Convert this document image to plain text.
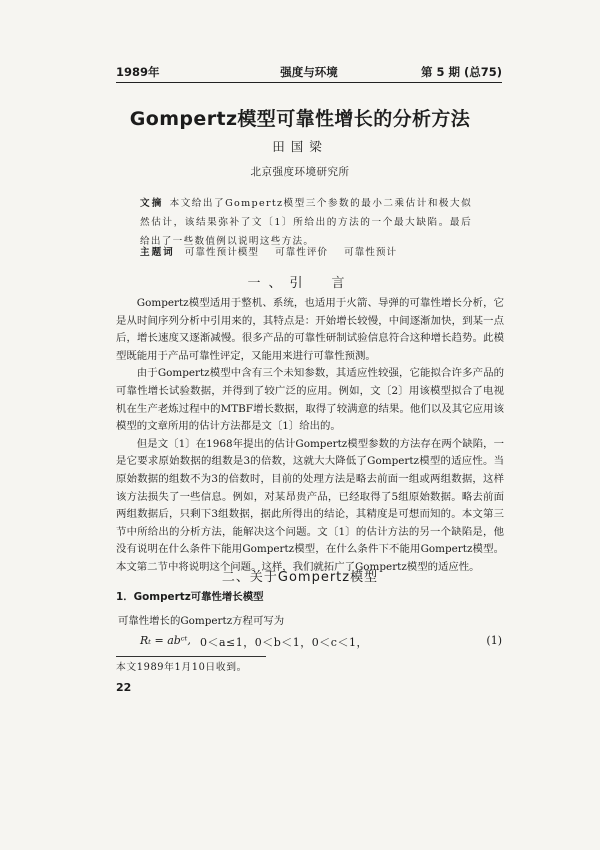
1989年	强度与环境	第 5 期 (总75)
Gompertz模型可靠性增长的分析方法
田国梁
北京强度环境研究所
文摘 本文给出了Gompertz模型三个参数的最小二乘估计和极大似然估计，该结果弥补了文〔1〕所给出的方法的一个最大缺陷。最后给出了一些数值例以说明这些方法。
主题词 可靠性预计模型 可靠性评价 可靠性预计
一、引　言

Gompertz模型适用于整机、系统，也适用于火箭、导弹的可靠性增长分析，它是从时间序列分析中引用来的，其特点是：开始增长较慢，中间逐渐加快，到某一点后，增长速度又逐渐减慢。很多产品的可靠性研制试验信息符合这种增长趋势。此模型既能用于产品可靠性评定，又能用来进行可靠性预测。

由于Gompertz模型中含有三个未知参数，其适应性较强，它能拟合许多产品的可靠性增长试验数据，并得到了较广泛的应用。例如，文〔2〕用该模型拟合了电视机在生产老炼过程中的MTBF增长数据，取得了较满意的结果。他们以及其它应用该模型的文章所用的估计方法都是文〔1〕给出的。

但是文〔1〕在1968年提出的估计Gompertz模型参数的方法存在两个缺陷，一是它要求原始数据的组数是3的倍数，这就大大降低了Gompertz模型的适应性。当原始数据的组数不为3的倍数时，目前的处理方法是略去前面一组或两组数据，这样该方法损失了一些信息。例如，对某昂贵产品，已经取得了5组原始数据。略去前面两组数据后，只剩下3组数据，据此所得出的结论，其精度是可想而知的。本文第三节中所给出的分析方法，能解决这个问题。文〔1〕的估计方法的另一个缺陷是，他没有说明在什么条件下能用Gompertz模型，在什么条件下不能用Gompertz模型。本文第二节中将说明这个问题。这样，我们就拓广了Gompertz模型的适应性。

二、关于Gompertz模型
1．Gompertz可靠性增长模型
可靠性增长的Gompertz方程可写为
Rₜ = abᶜᵗ, 0＜a≤1，0＜b＜1，0＜c＜1，	(1)
本文1989年1月10日收到。
22
